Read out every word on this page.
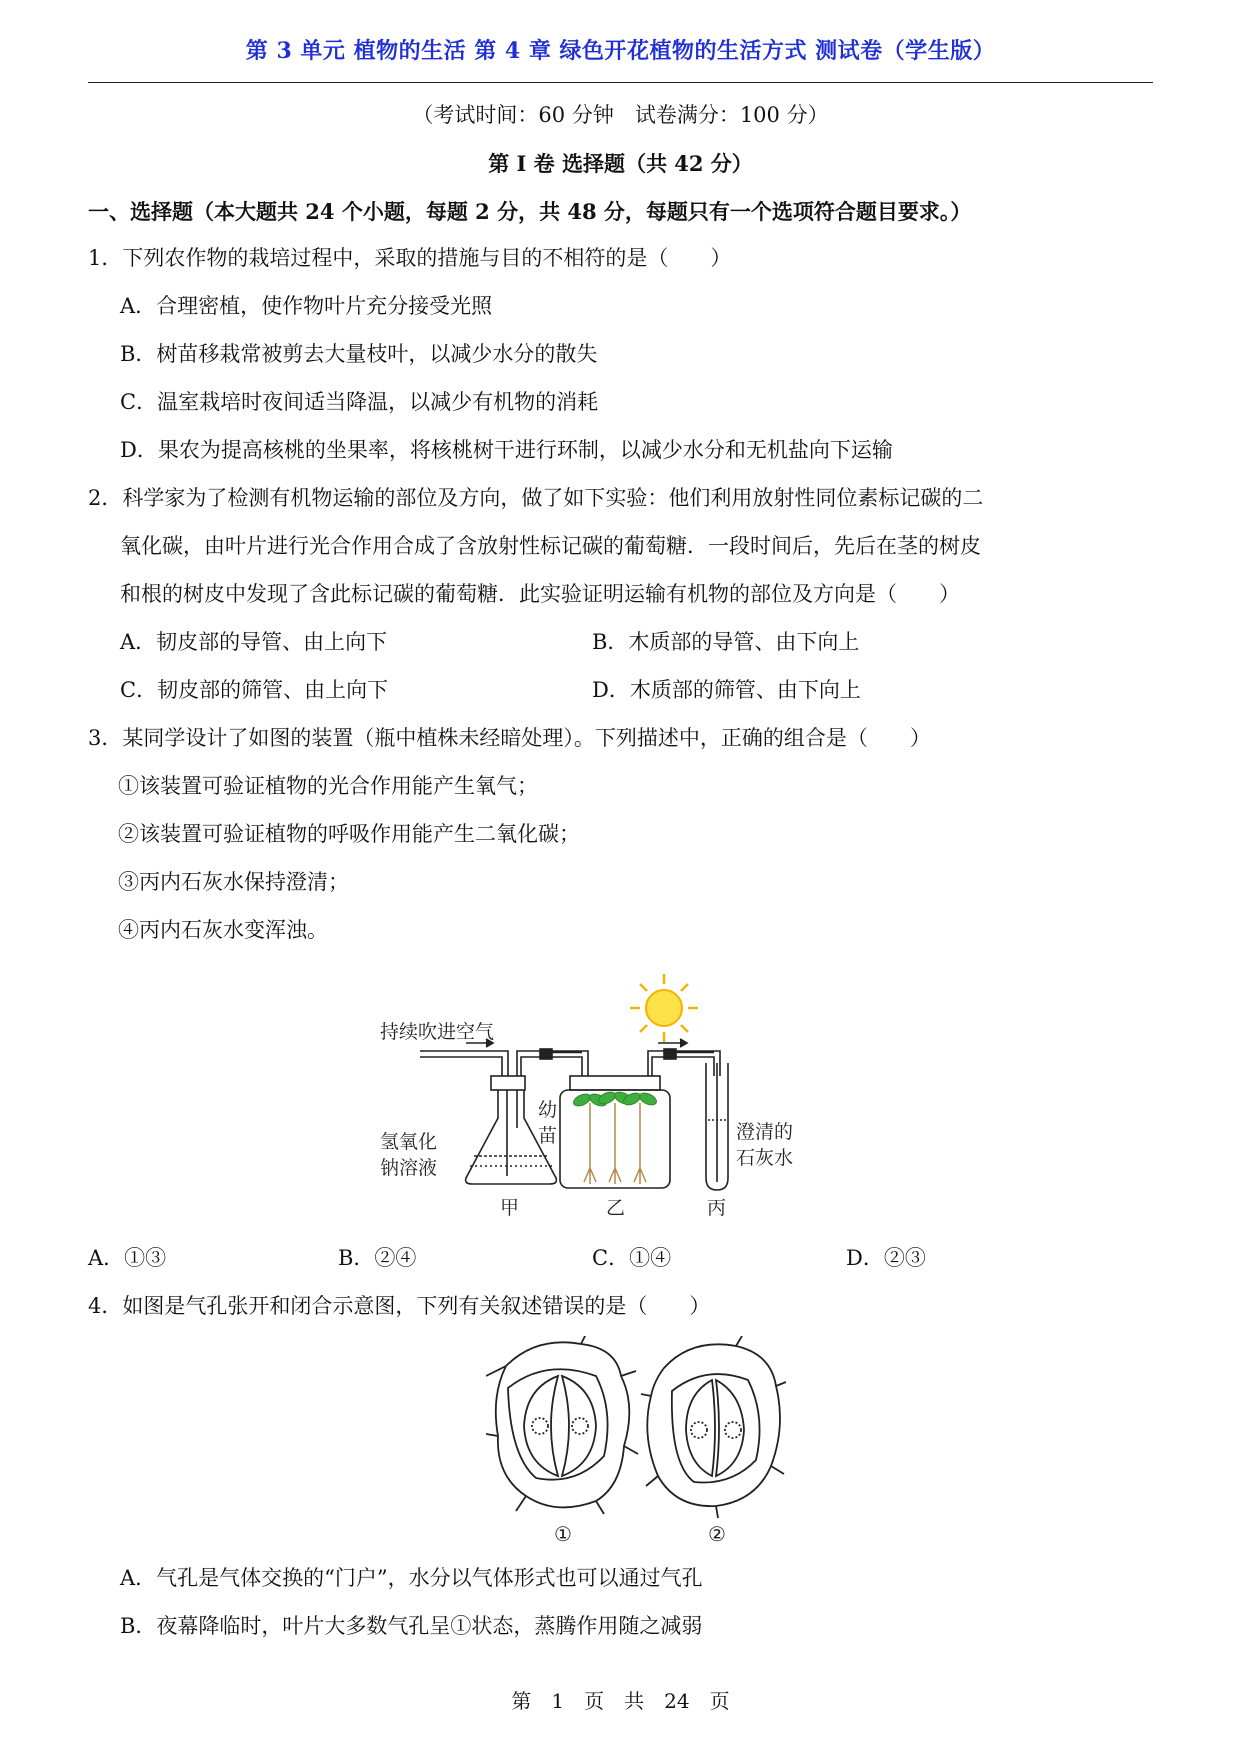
第 3 单元 植物的生活 第 4 章 绿色开花植物的生活方式 测试卷（学生版）
（考试时间：60 分钟　试卷满分：100 分）
第 I 卷 选择题（共 42 分）
一、选择题（本大题共 24 个小题，每题 2 分，共 48 分，每题只有一个选项符合题目要求。）
1．下列农作物的栽培过程中，采取的措施与目的不相符的是（　　）
A．合理密植，使作物叶片充分接受光照
B．树苗移栽常被剪去大量枝叶，以减少水分的散失
C．温室栽培时夜间适当降温，以减少有机物的消耗
D．果农为提高核桃的坐果率，将核桃树干进行环制，以减少水分和无机盐向下运输
2．科学家为了检测有机物运输的部位及方向，做了如下实验：他们利用放射性同位素标记碳的二
氧化碳，由叶片进行光合作用合成了含放射性标记碳的葡萄糖．一段时间后，先后在茎的树皮
和根的树皮中发现了含此标记碳的葡萄糖．此实验证明运输有机物的部位及方向是（　　）
A．韧皮部的导管、由上向下	B．木质部的导管、由下向上
C．韧皮部的筛管、由上向下	D．木质部的筛管、由下向上
3．某同学设计了如图的装置（瓶中植株未经暗处理）。下列描述中，正确的组合是（　　）
①该装置可验证植物的光合作用能产生氧气；
②该装置可验证植物的呼吸作用能产生二氧化碳；
③丙内石灰水保持澄清；
④丙内石灰水变浑浊。
持续吹进空气
氢氧化
钠溶液
幼
苗	澄清的
石灰水
甲	乙	丙
A．①③	B．②④	C．①④	D．②③
4．如图是气孔张开和闭合示意图，下列有关叙述错误的是（　　）
①	②
A．气孔是气体交换的“门户”，水分以气体形式也可以通过气孔
B．夜幕降临时，叶片大多数气孔呈①状态，蒸腾作用随之减弱
第　1　页　共　24　页
